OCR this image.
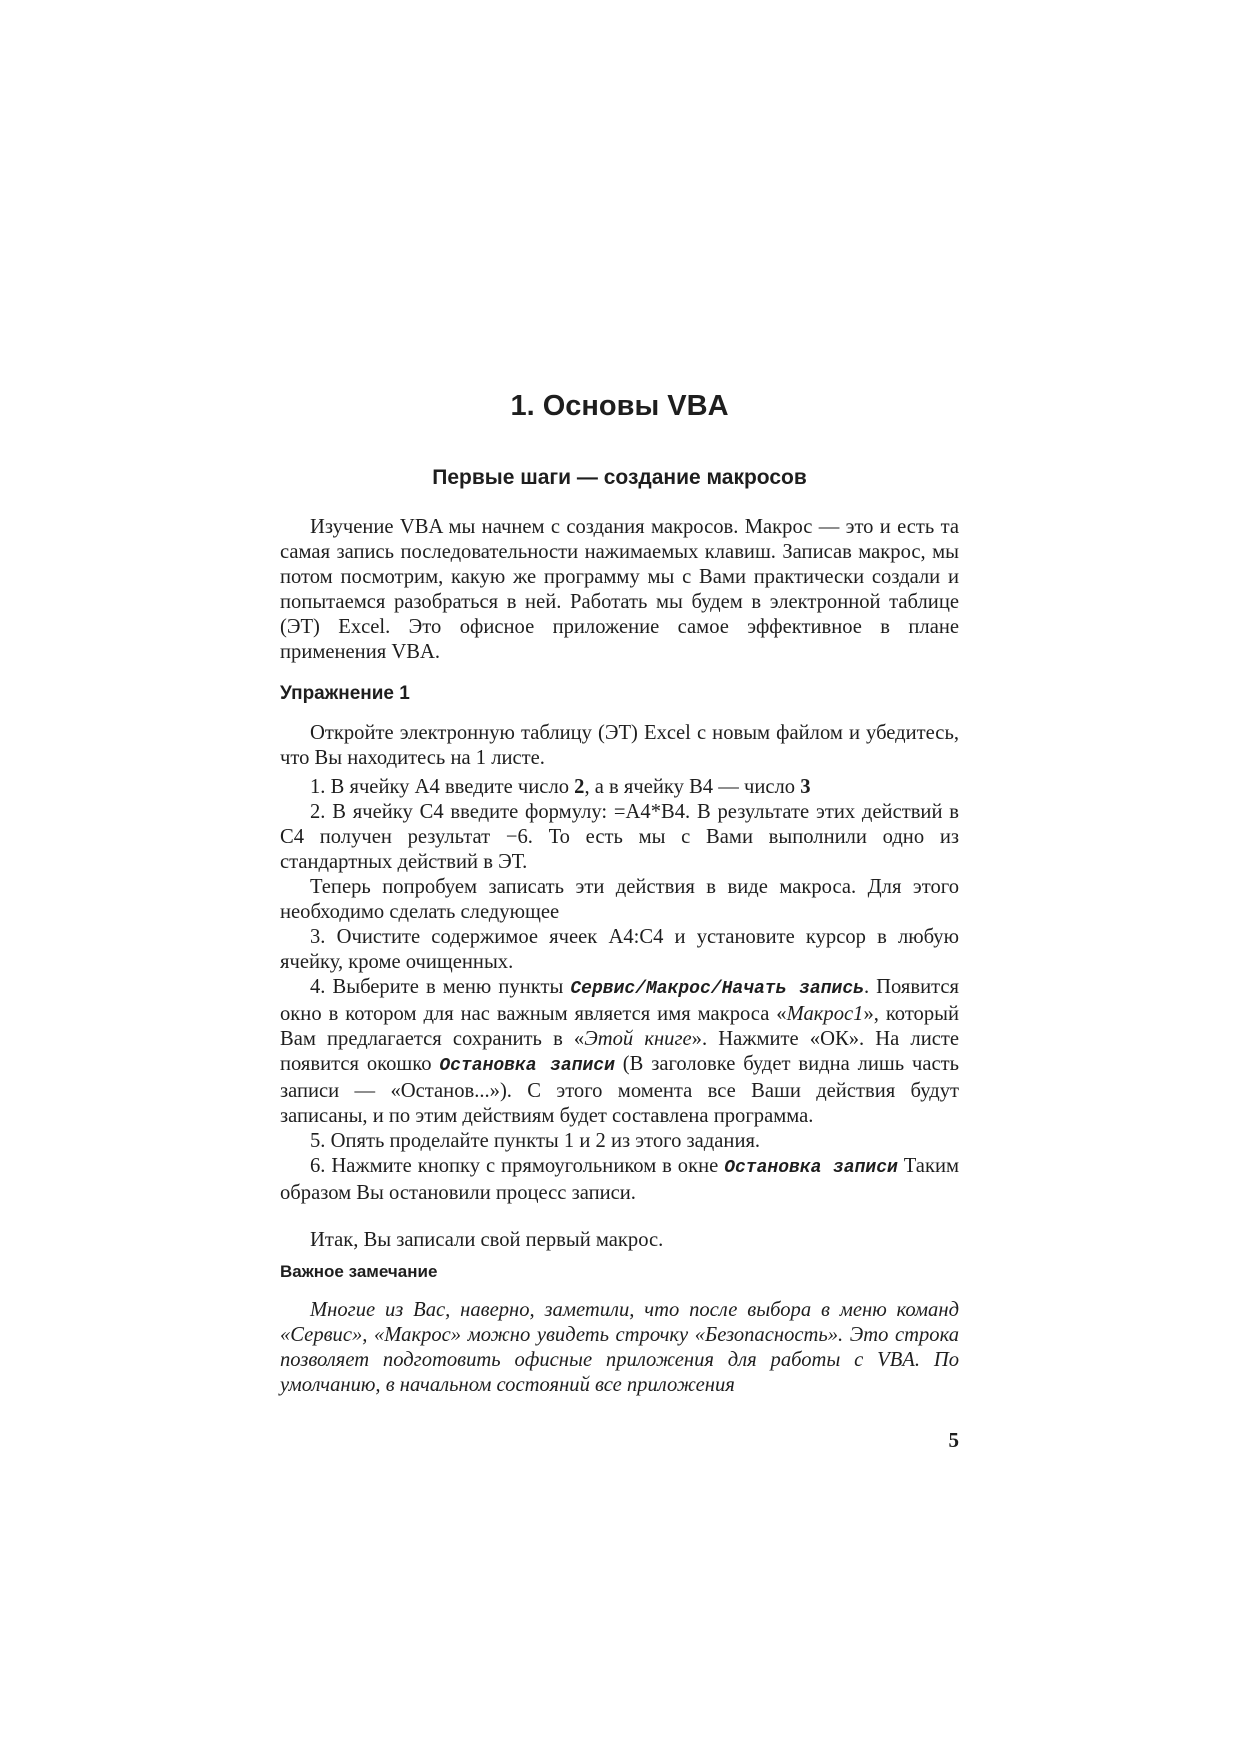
1. Основы VBA
Первые шаги — создание макросов

Изучение VBA мы начнем с создания макросов. Макрос — это и есть та самая запись последовательности нажимаемых клавиш. Записав макрос, мы потом посмотрим, какую же программу мы с Вами практически создали и попытаемся разобраться в ней. Работать мы будем в электронной таблице (ЭТ) Excel. Это офисное приложение самое эффективное в плане применения VBA.

Упражнение 1

Откройте электронную таблицу (ЭТ) Excel с новым файлом и убедитесь, что Вы находитесь на 1 листе.

1. В ячейку А4 введите число 2, а в ячейку В4 — число 3

2. В ячейку С4 введите формулу: =А4*В4. В результате этих действий в С4 получен результат −6. То есть мы с Вами выполнили одно из стандартных действий в ЭТ.

Теперь попробуем записать эти действия в виде макроса. Для этого необходимо сделать следующее

3. Очистите содержимое ячеек А4:С4 и установите курсор в любую ячейку, кроме очищенных.

4. Выберите в меню пункты Сервис/Макрос/Начать запись. Появится окно в котором для нас важным является имя макроса «Макрос1», который Вам предлагается сохранить в «Этой книге». Нажмите «ОК». На листе появится окошко Остановка записи (В заголовке будет видна лишь часть записи — «Останов...»). С этого момента все Ваши действия будут записаны, и по этим действиям будет составлена программа.

5. Опять проделайте пункты 1 и 2 из этого задания.

6. Нажмите кнопку с прямоугольником в окне Остановка записи Таким образом Вы остановили процесс записи.

Итак, Вы записали свой первый макрос.

Важное замечание

Многие из Вас, наверно, заметили, что после выбора в меню команд «Сервис», «Макрос» можно увидеть строчку «Безопасность». Это строка позволяет подготовить офисные приложения для работы с VBA. По умолчанию, в начальном состояний все приложения

5
